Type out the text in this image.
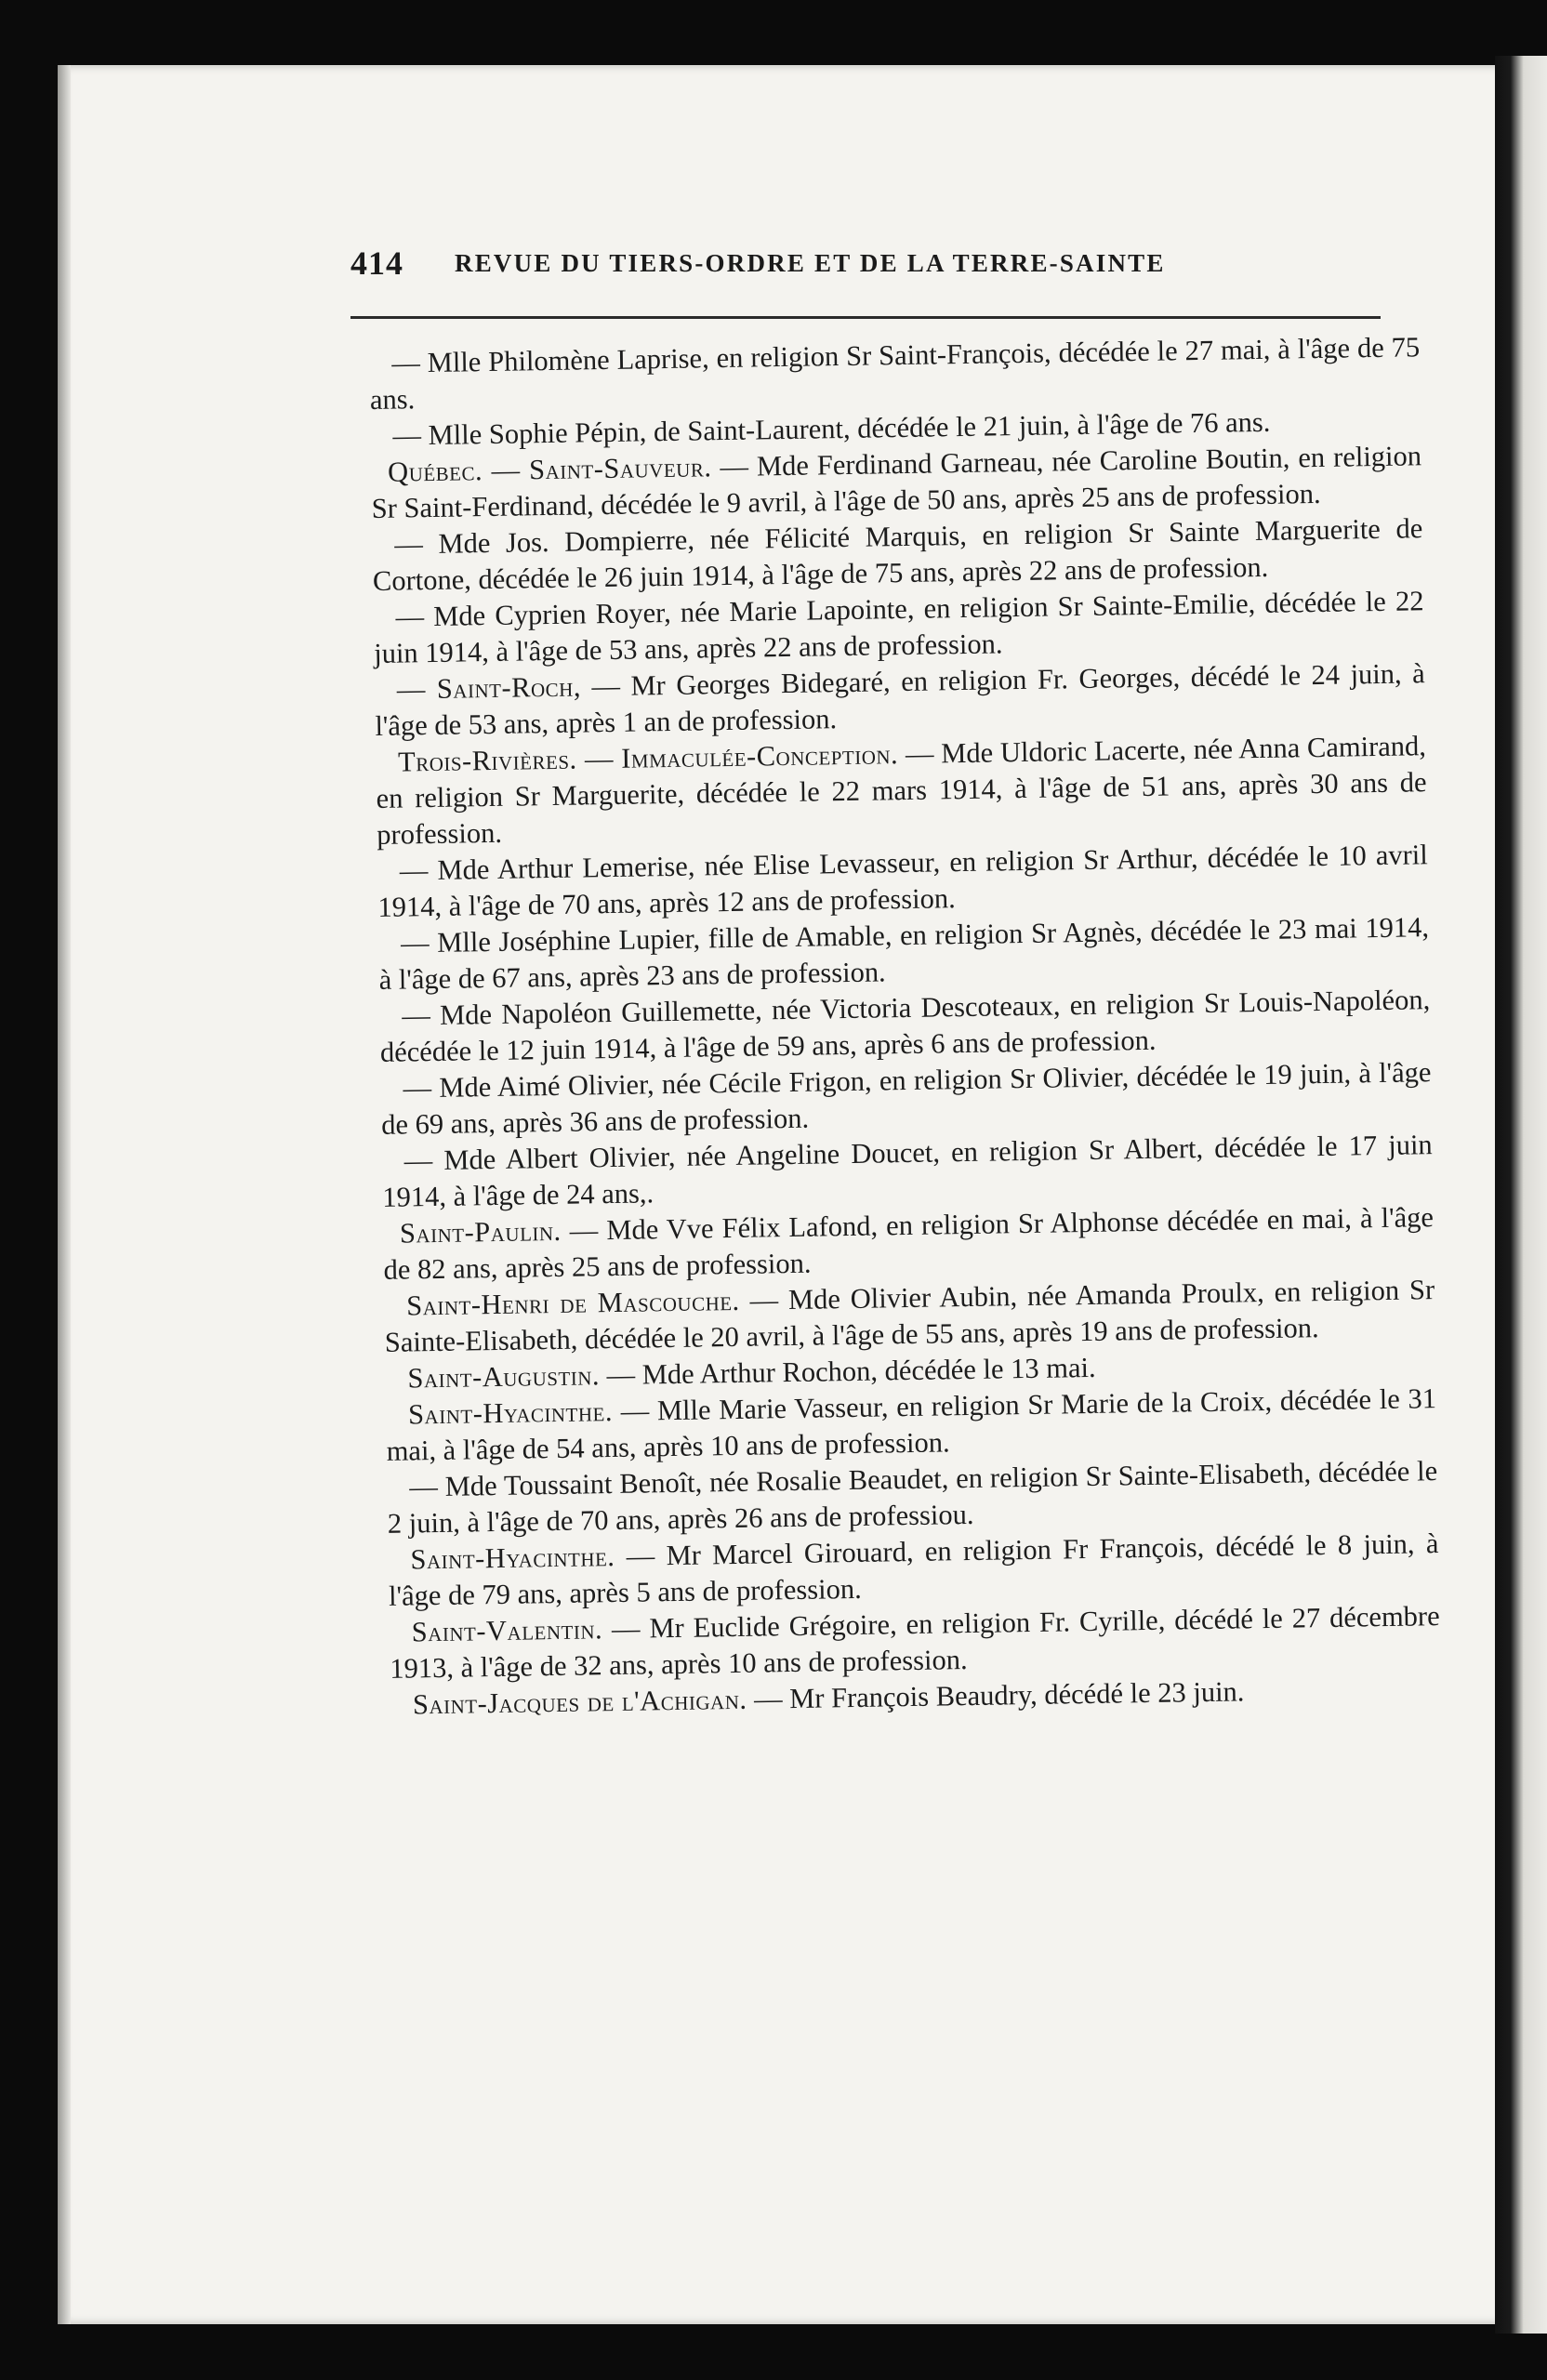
414 REVUE DU TIERS-ORDRE ET DE LA TERRE-SAINTE

— Mlle Philomène Laprise, en religion Sr Saint-François, décédée le 27 mai, à l'âge de 75 ans.

— Mlle Sophie Pépin, de Saint-Laurent, décédée le 21 juin, à l'âge de 76 ans.

Québec. — Saint-Sauveur. — Mde Ferdinand Garneau, née Caroline Boutin, en religion Sr Saint-Ferdinand, décédée le 9 avril, à l'âge de 50 ans, après 25 ans de profession.

— Mde Jos. Dompierre, née Félicité Marquis, en religion Sr Sainte Marguerite de Cortone, décédée le 26 juin 1914, à l'âge de 75 ans, après 22 ans de profession.

— Mde Cyprien Royer, née Marie Lapointe, en religion Sr Sainte-Emilie, décédée le 22 juin 1914, à l'âge de 53 ans, après 22 ans de profession.

— Saint-Roch, — Mr Georges Bidegaré, en religion Fr. Georges, décédé le 24 juin, à l'âge de 53 ans, après 1 an de profession.

Trois-Rivières. — Immaculée-Conception. — Mde Uldoric Lacerte, née Anna Camirand, en religion Sr Marguerite, décédée le 22 mars 1914, à l'âge de 51 ans, après 30 ans de profession.

— Mde Arthur Lemerise, née Elise Levasseur, en religion Sr Arthur, décédée le 10 avril 1914, à l'âge de 70 ans, après 12 ans de profession.

— Mlle Joséphine Lupier, fille de Amable, en religion Sr Agnès, décédée le 23 mai 1914, à l'âge de 67 ans, après 23 ans de profession.

— Mde Napoléon Guillemette, née Victoria Descoteaux, en religion Sr Louis-Napoléon, décédée le 12 juin 1914, à l'âge de 59 ans, après 6 ans de profession.

— Mde Aimé Olivier, née Cécile Frigon, en religion Sr Olivier, décédée le 19 juin, à l'âge de 69 ans, après 36 ans de profession.

— Mde Albert Olivier, née Angeline Doucet, en religion Sr Albert, décédée le 17 juin 1914, à l'âge de 24 ans,.

Saint-Paulin. — Mde Vve Félix Lafond, en religion Sr Alphonse décédée en mai, à l'âge de 82 ans, après 25 ans de profession.

Saint-Henri de Mascouche. — Mde Olivier Aubin, née Amanda Proulx, en religion Sr Sainte-Elisabeth, décédée le 20 avril, à l'âge de 55 ans, après 19 ans de profession.

Saint-Augustin. — Mde Arthur Rochon, décédée le 13 mai.

Saint-Hyacinthe. — Mlle Marie Vasseur, en religion Sr Marie de la Croix, décédée le 31 mai, à l'âge de 54 ans, après 10 ans de profession.

— Mde Toussaint Benoît, née Rosalie Beaudet, en religion Sr Sainte-Elisabeth, décédée le 2 juin, à l'âge de 70 ans, après 26 ans de professiou.

Saint-Hyacinthe. — Mr Marcel Girouard, en religion Fr François, décédé le 8 juin, à l'âge de 79 ans, après 5 ans de profession.

Saint-Valentin. — Mr Euclide Grégoire, en religion Fr. Cyrille, décédé le 27 décembre 1913, à l'âge de 32 ans, après 10 ans de profession.

Saint-Jacques de l'Achigan. — Mr François Beaudry, décédé le 23 juin.
